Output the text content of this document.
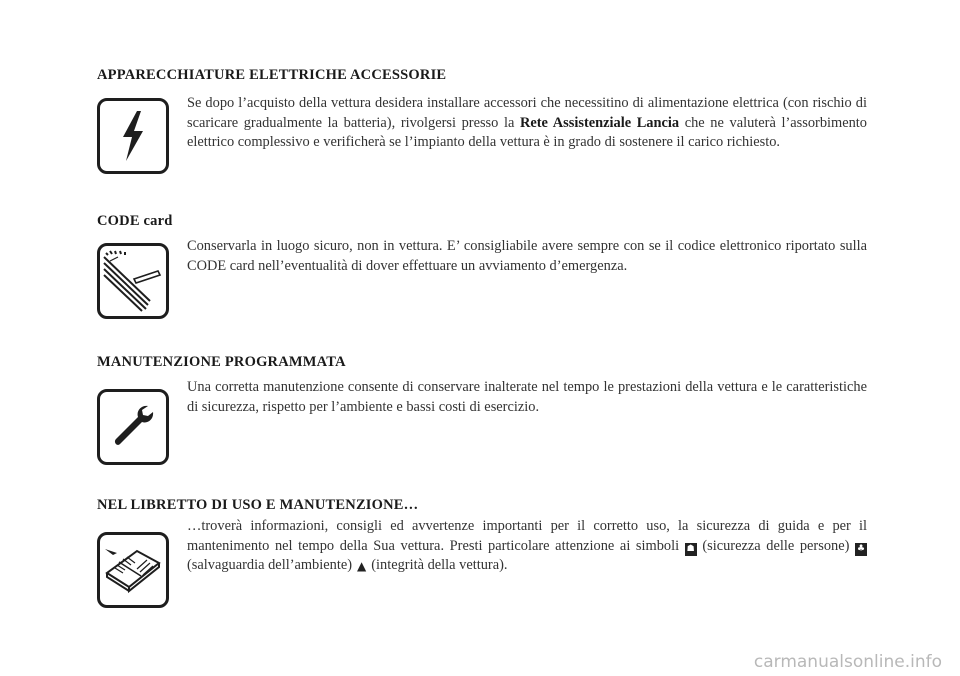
APPARECCHIATURE ELETTRICHE ACCESSORIE

Se dopo l’acquisto della vettura desidera installare accessori che necessitino di alimentazione elettrica (con rischio di scaricare gradualmente la batteria), rivolgersi presso la Rete Assistenziale Lancia che ne valuterà l’assorbimento elettrico complessivo e verificherà se l’impianto della vettura è in grado di sostenere il carico richiesto.

CODE card

Conservarla in luogo sicuro, non in vettura. E’ consigliabile avere sempre con se il codice elettronico riportato sulla CODE card nell’eventualità di dover effettuare un avviamento d’emergenza.

MANUTENZIONE PROGRAMMATA

Una corretta manutenzione consente di conservare inalterate nel tempo le prestazioni della vettura e le caratteristiche di sicurezza, rispetto per l’ambiente e bassi costi di esercizio.

NEL LIBRETTO DI USO E MANUTENZIONE…

…troverà informazioni, consigli ed avvertenze importanti per il corretto uso, la sicurezza di guida e per il mantenimento nel tempo della Sua vettura. Presti particolare attenzione ai simboli ☗ (sicurezza delle persone) ♣ (salvaguardia dell’ambiente) ▲ (integrità della vettura).

carmanualsonline.info
